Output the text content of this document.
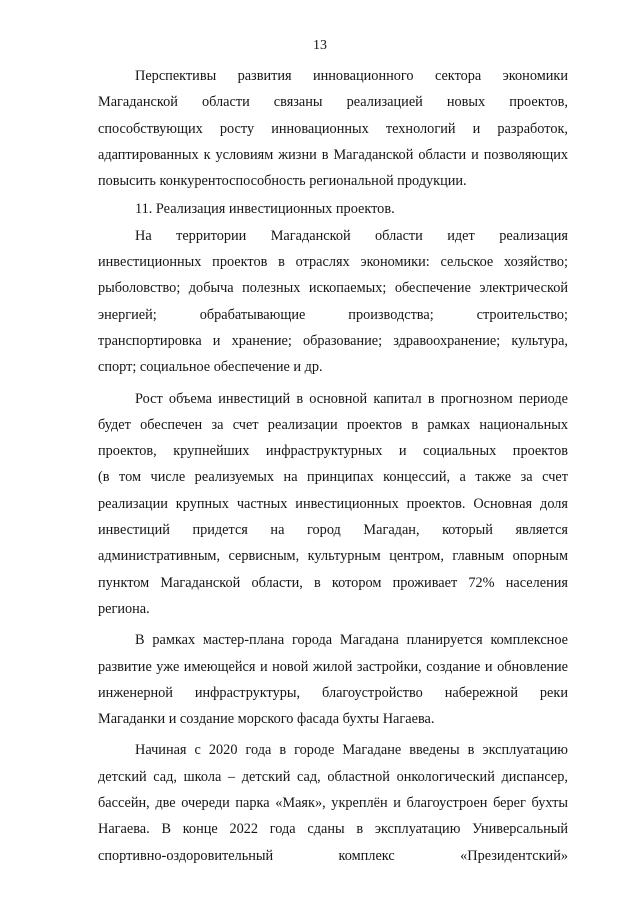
13
Перспективы развития инновационного сектора экономики
Магаданской области связаны реализацией новых проектов,
способствующих росту инновационных технологий и разработок,
адаптированных к условиям жизни в Магаданской области и позволяющих
повысить конкурентоспособность региональной продукции.
11. Реализация инвестиционных проектов.
На территории Магаданской области идет реализация
инвестиционных проектов в отраслях экономики: сельское хозяйство;
рыболовство; добыча полезных ископаемых; обеспечение электрической
энергией; обрабатывающие производства; строительство;
транспортировка и хранение; образование; здравоохранение; культура,
спорт; социальное обеспечение и др.
Рост объема инвестиций в основной капитал в прогнозном периоде
будет обеспечен за счет реализации проектов в рамках национальных
проектов, крупнейших инфраструктурных и социальных проектов
(в том числе реализуемых на принципах концессий, а также за счет
реализации крупных частных инвестиционных проектов. Основная доля
инвестиций придется на город Магадан, который является
административным, сервисным, культурным центром, главным опорным
пунктом Магаданской области, в котором проживает 72% населения
региона.
В рамках мастер-плана города Магадана планируется комплексное
развитие уже имеющейся и новой жилой застройки, создание и обновление
инженерной инфраструктуры, благоустройство набережной реки
Магаданки и создание морского фасада бухты Нагаева.
Начиная с 2020 года в городе Магадане введены в эксплуатацию
детский сад, школа – детский сад, областной онкологический диспансер,
бассейн, две очереди парка «Маяк», укреплён и благоустроен берег бухты
Нагаева. В конце 2022 года сданы в эксплуатацию Универсальный
спортивно-оздоровительный комплекс «Президентский»
